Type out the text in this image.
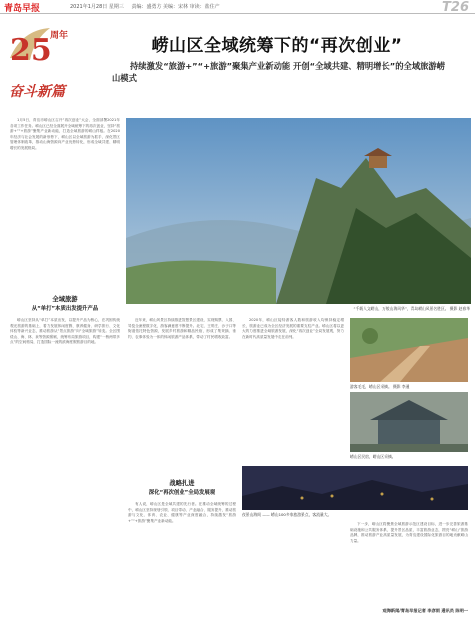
青岛早报	2021年1月28日 星期三 责编：盛勇方 美编：宋林 审读：盐住产	T26
25
周年
奋斗新篇
崂山区全域统筹下的“再次创业”
持续激发“旅游+”“+旅游”聚集产业新动能 开创“全域共建、精明增长”的全域旅游崂山模式
1月5日，青岛市崂山区召开“再次创业”大会，全面部署2021年各项工作任务。崂山区已经全面展开全域统筹下的再次创业，坚持“旅游+”“+旅游”聚集产业新动能，打造全域旅游的崂山样板。在2020年经济与社会发展的新形势下，崂山区以全域旅游为抓手，深化景区管理体制改革，推动山海资源向产业优势转化，形成全域共建、精明增长的发展格局。
“千载人文崂山，万般山海风华”，青岛崂山风景名胜区。 摄影 赵春华
全域旅游
从“单打”本质出发提升产品
崂山区坚持从“单打”本质出发，以提升产品为核心，在巩固传统观光旅游的基础上，着力发展休闲度假、康养健身、研学旅行、文化体验等新兴业态，推动旅游从“景点旅游”向“全域旅游”转变。全区围绕山、海、林、泉等资源禀赋，统筹布局旅游项目，构建“一核两带多点”的空间格局，打造国际一流的滨海度假旅游目的地。
近年来，崂山风景区持续推进智慧景区建设，实现购票、入园、导览全流程数字化，游客满意度不断提升。北宅、王哥庄、沙子口等街道依托特色资源，发展乡村旅游和精品民宿，形成了集采摘、垂钓、农事体验为一体的休闲旅游产品体系，带动了村民增收致富。
战略扎进
深化“再次创业”全局发展观
有人说，崂山区是全域共建的先行者。在推动全域统筹的过程中，崂山区坚持规划引领、项目带动、产业融合、服务提升，推动旅游与文化、体育、农业、健康等产业深度融合，持续激发“旅游+”“+旅游”聚集产业新动能。
2020年，崂山区接待游客人数和旅游收入均保持稳定增长，旅游业已成为全区经济发展的重要支柱产业。崂山区将以更大的力度推进全域旅游发展，深化“再次创业”全局发展观，努力在新时代高质量发展中走在前列。
游客毛毛，崂山区采摘。 摄影 李通
崂山区民宿，崂山区采摘。
夜景山海间 —— 崂山100多家旅游景点，客流量大。
下一步，崂山区将聚焦全域旅游示范区建设目标，进一步完善旅游基础设施和公共服务体系，提升景区品质，丰富旅游业态，擦亮“崂山”旅游品牌，推动旅游产业高质量发展，为青岛建设国际化旅游目的地贡献崂山力量。
观海新闻/青岛早报记者 李彦雨 通讯员 陈明一
